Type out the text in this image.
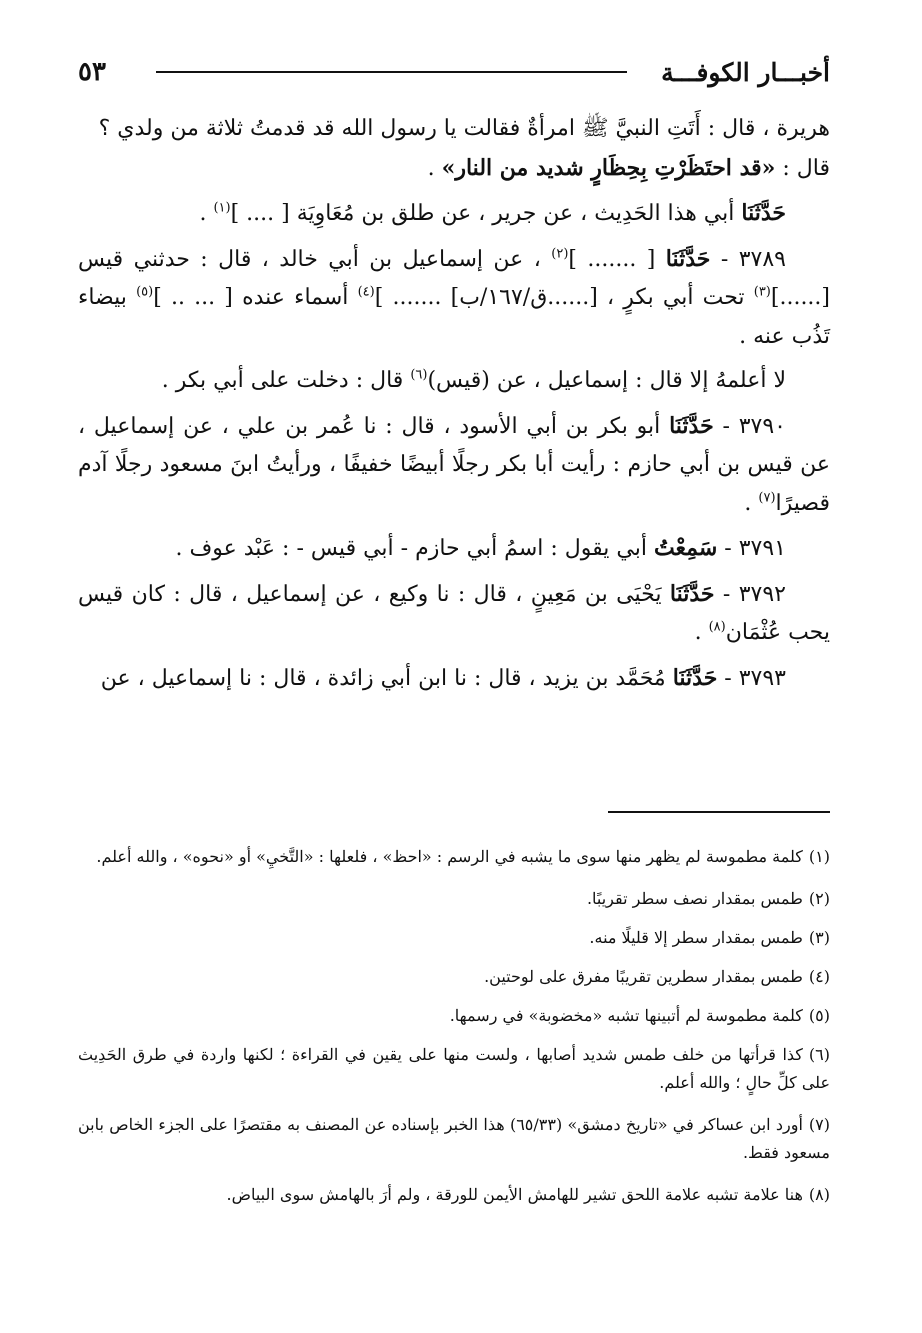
أخبـــار الكوفـــة
٥٣

هريرة ، قال : أَتَتِ النبيَّ ﷺ امرأةٌ فقالت يا رسول الله قد قدمتُ ثلاثة من ولدي ؟

قال : «قد احتَظَرْتِ بِحِظَارٍ شديد من النار» .

حَدَّثَنَا أبي هذا الحَدِيث ، عن جرير ، عن طلق بن مُعَاوِيَة [ .... ]$^{(١)}$ .

٣٧٨٩ - حَدَّثَنَا [ ....... ]$^{(٢)}$ ، عن إسماعيل بن أبي خالد ، قال : حدثني قيس [......]$^{(٣)}$ تحت أبي بكرٍ ، [......ق/١٦٧/ب] ....... ]$^{(٤)}$ أسماء عنده [ ... .. ]$^{(٥)}$ بيضاء تَذُب عنه .

لا أعلمهُ إلا قال : إسماعيل ، عن (قيس)$^{(٦)}$ قال : دخلت على أبي بكر .

٣٧٩٠ - حَدَّثَنَا أبو بكر بن أبي الأسود ، قال : نا عُمر بن علي ، عن إسماعيل ، عن قيس بن أبي حازم : رأيت أبا بكر رجلًا أبيضًا خفيفًا ، ورأيتُ ابنَ مسعود رجلًا آدم قصيرًا$^{(٧)}$ .

٣٧٩١ - سَمِعْتُ أبي يقول : اسمُ أبي حازم - أبي قيس - : عَبْد عوف .

٣٧٩٢ - حَدَّثَنَا يَحْيَى بن مَعِينٍ ، قال : نا وكيع ، عن إسماعيل ، قال : كان قيس يحب عُثْمَان$^{(٨)}$ .

٣٧٩٣ - حَدَّثَنَا مُحَمَّد بن يزيد ، قال : نا ابن أبي زائدة ، قال : نا إسماعيل ، عن

(١)كلمة مطموسة لم يظهر منها سوى ما يشبه في الرسم : «احظ» ، فلعلها : «التَّخيِ» أو «نحوه» ، والله أعلم.

(٢)طمس بمقدار نصف سطر تقريبًا.

(٣)طمس بمقدار سطر إلا قليلًا منه.

(٤)طمس بمقدار سطرين تقريبًا مفرق على لوحتين.

(٥)كلمة مطموسة لم أتبينها تشبه «مخضوبة» في رسمها.

(٦)كذا قرأتها من خلف طمس شديد أصابها ، ولست منها على يقين في القراءة ؛ لكنها واردة في طرق الحَدِيث على كلِّ حالٍ ؛ والله أعلم.

(٧)أورد ابن عساكر في «تاريخ دمشق» (٦٥/٣٣) هذا الخبر بإسناده عن المصنف به مقتصرًا على الجزء الخاص بابن مسعود فقط.

(٨)هنا علامة تشبه علامة اللحق تشير للهامش الأيمن للورقة ، ولم أرَ بالهامش سوى البياض.
